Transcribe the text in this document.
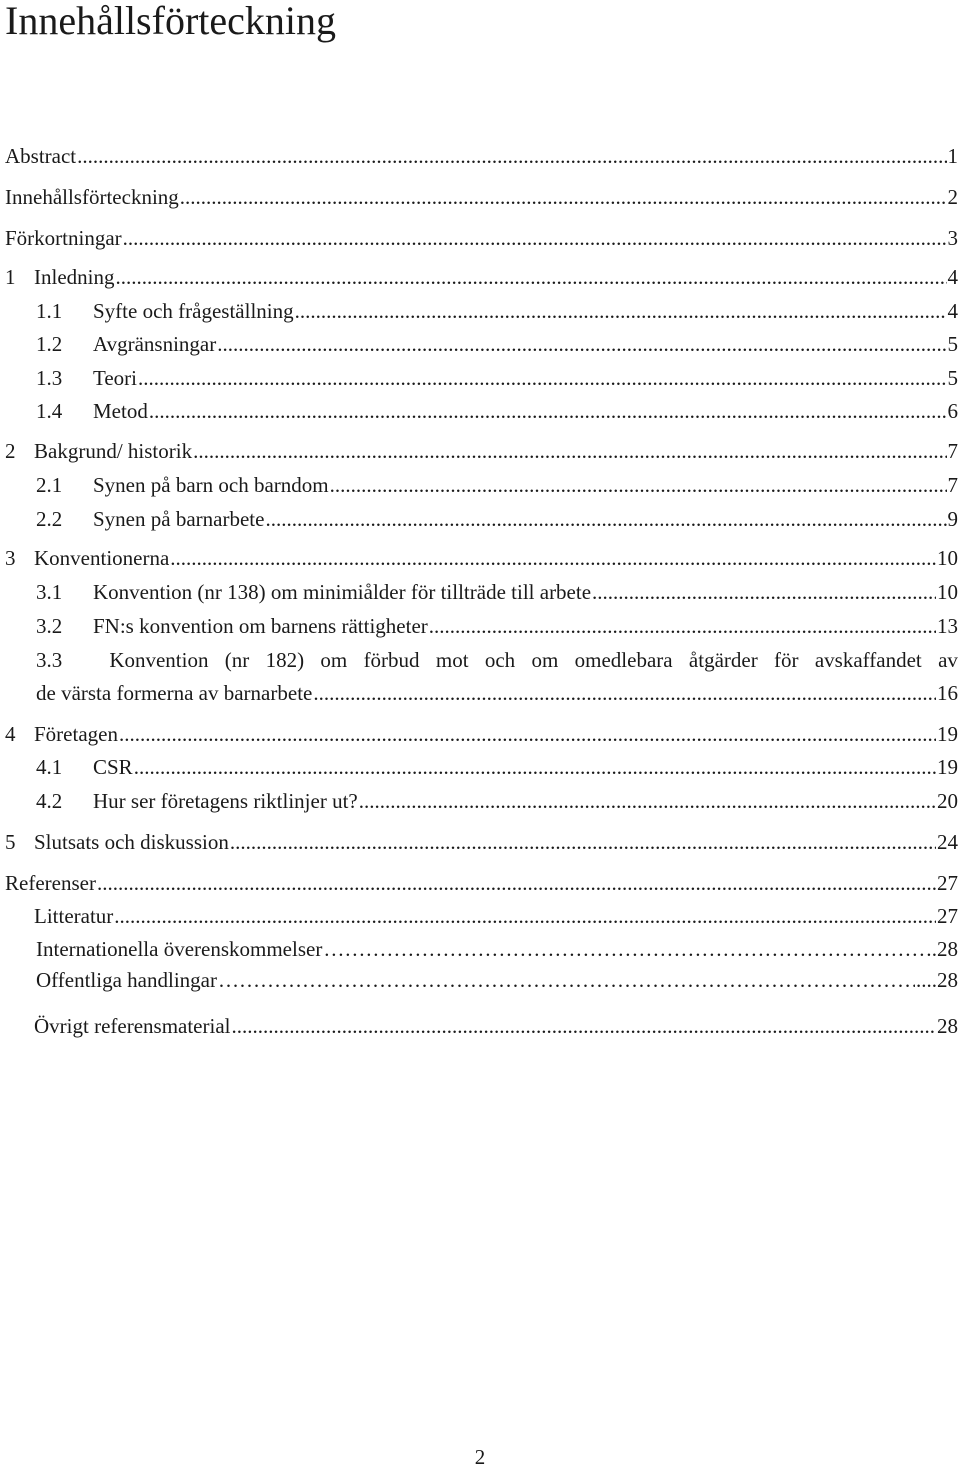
Innehållsförteckning
Abstract .....	1
Innehållsförteckning .....	2
Förkortningar .....	3
1 Inledning .....	4
1.1	Syfte och frågeställning .....	4
1.2	Avgränsningar .....	5
1.3	Teori .....	5
1.4	Metod .....	6
2 Bakgrund/ historik .....	7
2.1	Synen på barn och barndom .....	7
2.2	Synen på barnarbete .....	9
3 Konventionerna .....	10
3.1	Konvention (nr 138) om minimiålder för tillträde till arbete .....	10
3.2	FN:s konvention om barnens rättigheter .....	13
3.3	Konvention (nr 182) om förbud mot och om omedlebara åtgärder för avskaffandet av
de värsta formerna av barnarbete .....	16
4 Företagen .....	19
4.1	CSR .....	19
4.2	Hur ser företagens riktlinjer ut? .....	20
5 Slutsats och diskussion .....	24
Referenser .....	27
Litteratur .....	27
Internationella överenskommelser ……………………………………………………………………………………………………………………………………………………………………………………………	.28
Offentliga handlingar ……………………………………………………………………………………………………………………………………………………………………………………………	....28
Övrigt referensmaterial .....	28
2
